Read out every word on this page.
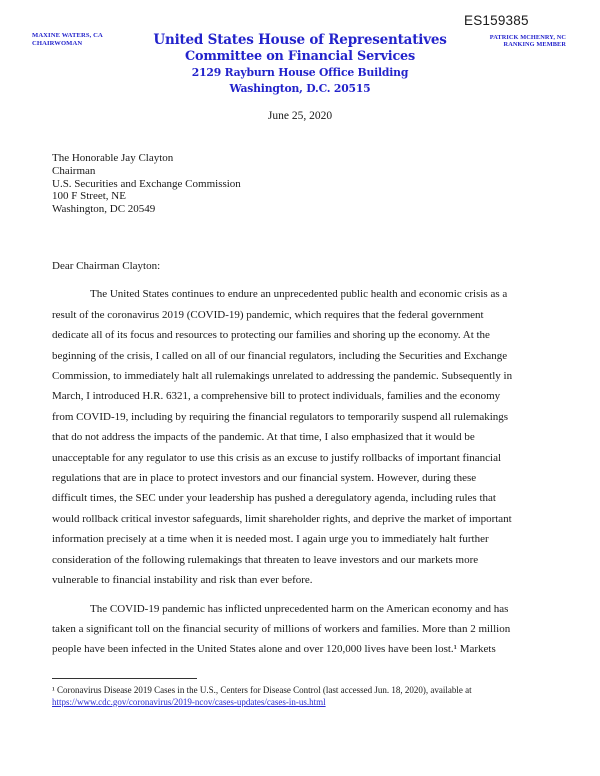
MAXINE WATERS, CA
CHAIRWOMAN
ES159385
PATRICK MCHENRY, NC
RANKING MEMBER
United States House of Representatives
Committee on Financial Services
2129 Rayburn House Office Building
Washington, D.C. 20515
June 25, 2020
The Honorable Jay Clayton
Chairman
U.S. Securities and Exchange Commission
100 F Street, NE
Washington, DC 20549
Dear Chairman Clayton:
The United States continues to endure an unprecedented public health and economic crisis as a
result of the coronavirus 2019 (COVID-19) pandemic, which requires that the federal government
dedicate all of its focus and resources to protecting our families and shoring up the economy. At the
beginning of the crisis, I called on all of our financial regulators, including the Securities and Exchange
Commission, to immediately halt all rulemakings unrelated to addressing the pandemic. Subsequently in
March, I introduced H.R. 6321, a comprehensive bill to protect individuals, families and the economy
from COVID-19, including by requiring the financial regulators to temporarily suspend all rulemakings
that do not address the impacts of the pandemic. At that time, I also emphasized that it would be
unacceptable for any regulator to use this crisis as an excuse to justify rollbacks of important financial
regulations that are in place to protect investors and our financial system. However, during these
difficult times, the SEC under your leadership has pushed a deregulatory agenda, including rules that
would rollback critical investor safeguards, limit shareholder rights, and deprive the market of important
information precisely at a time when it is needed most. I again urge you to immediately halt further
consideration of the following rulemakings that threaten to leave investors and our markets more
vulnerable to financial instability and risk than ever before.
The COVID-19 pandemic has inflicted unprecedented harm on the American economy and has
taken a significant toll on the financial security of millions of workers and families. More than 2 million
people have been infected in the United States alone and over 120,000 lives have been lost.¹ Markets
¹ Coronavirus Disease 2019 Cases in the U.S., Centers for Disease Control (last accessed Jun. 18, 2020), available at
https://www.cdc.gov/coronavirus/2019-ncov/cases-updates/cases-in-us.html
